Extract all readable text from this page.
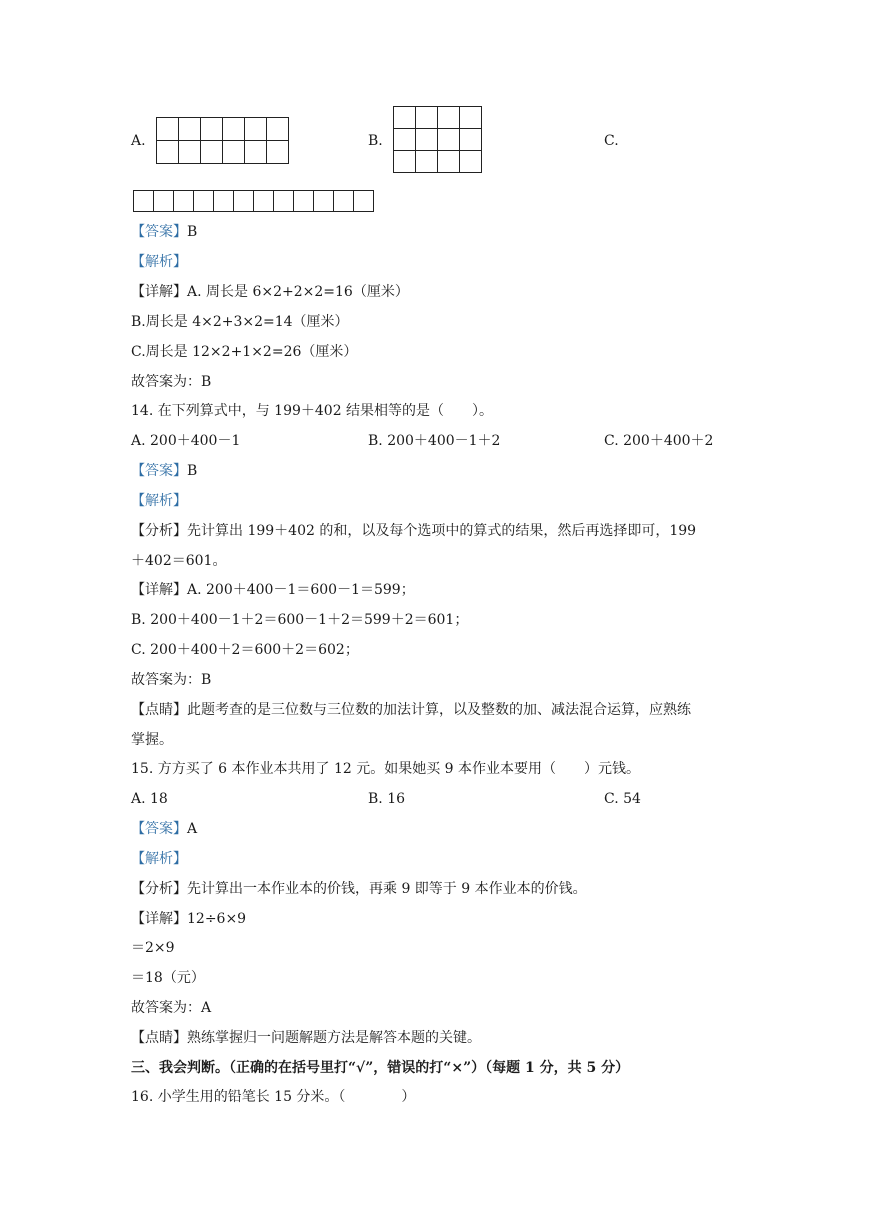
A.

						B.

				C.

【答案】B
【解析】
【详解】A. 周长是 6×2+2×2=16（厘米）
B.周长是 4×2+3×2=14（厘米）
C.周长是 12×2+1×2=26（厘米）
故答案为：B
14. 在下列算式中，与 199＋402 结果相等的是（　　）。
A. 200＋400－1	B. 200＋400－1＋2	C. 200＋400＋2
【答案】B
【解析】
【分析】先计算出 199＋402 的和，以及每个选项中的算式的结果，然后再选择即可，199
＋402＝601。
【详解】A. 200＋400－1＝600－1＝599；
B. 200＋400－1＋2＝600－1＋2＝599＋2＝601；
C. 200＋400＋2＝600＋2＝602；
故答案为：B
【点睛】此题考查的是三位数与三位数的加法计算，以及整数的加、减法混合运算，应熟练
掌握。
15. 方方买了 6 本作业本共用了 12 元。如果她买 9 本作业本要用（　　）元钱。
A. 18	B. 16	C. 54
【答案】A
【解析】
【分析】先计算出一本作业本的价钱，再乘 9 即等于 9 本作业本的价钱。
【详解】12÷6×9
＝2×9
＝18（元）
故答案为：A
【点睛】熟练掌握归一问题解题方法是解答本题的关键。
三、我会判断。（正确的在括号里打“√”，错误的打“×”）（每题 1 分，共 5 分）
16. 小学生用的铅笔长 15 分米。（　　　　）
